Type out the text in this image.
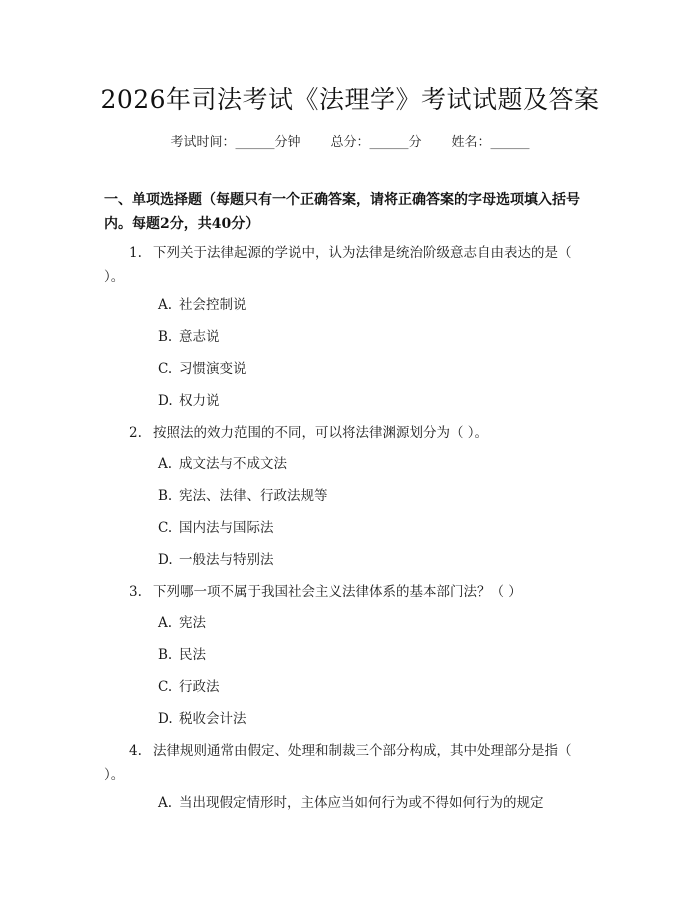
2026年司法考试《法理学》考试试题及答案
考试时间：______分钟 总分：______分 姓名：______

一、单项选择题（每题只有一个正确答案，请将正确答案的字母选项填入括号内。每题2分，共40分）

1. 下列关于法律起源的学说中，认为法律是统治阶级意志自由表达的是（ ）。
A. 社会控制说
B. 意志说
C. 习惯演变说
D. 权力说
2. 按照法的效力范围的不同，可以将法律渊源划分为（ ）。
A. 成文法与不成文法
B. 宪法、法律、行政法规等
C. 国内法与国际法
D. 一般法与特别法
3. 下列哪一项不属于我国社会主义法律体系的基本部门法？（ ）
A. 宪法
B. 民法
C. 行政法
D. 税收会计法
4. 法律规则通常由假定、处理和制裁三个部分构成，其中处理部分是指（ ）。
A. 当出现假定情形时，主体应当如何行为或不得如何行为的规定
